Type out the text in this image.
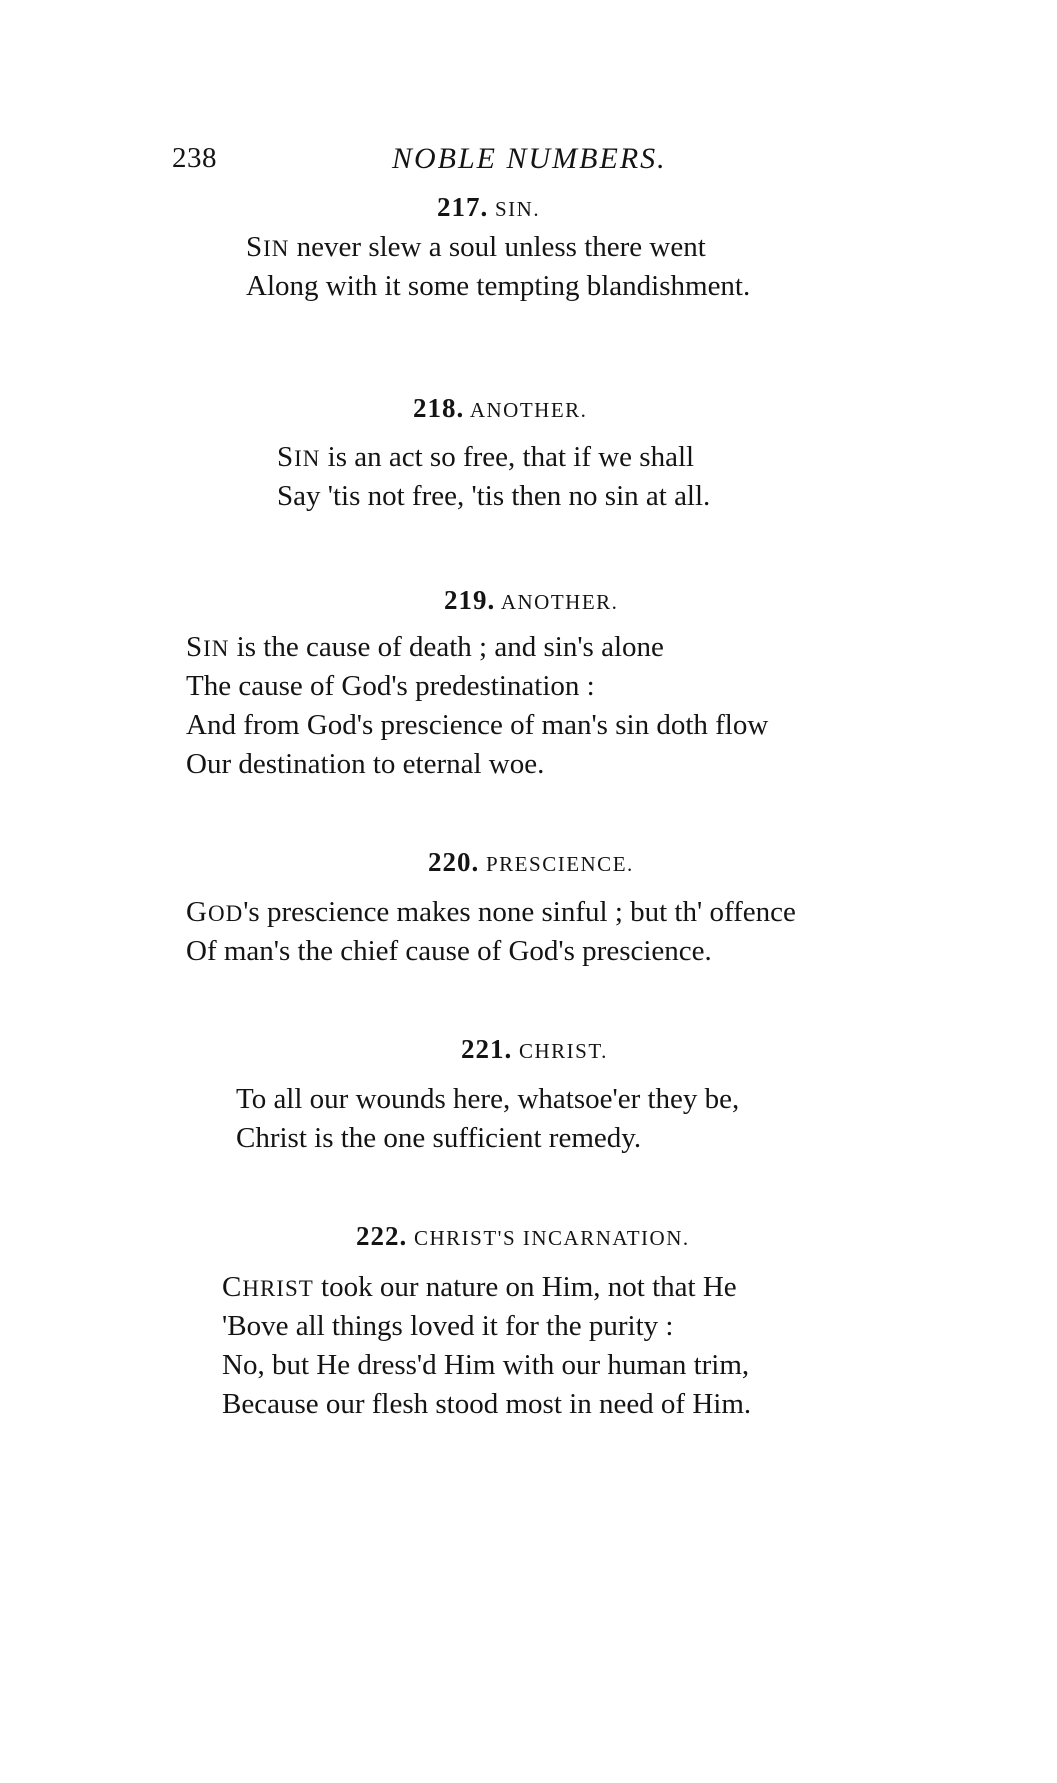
238	NOBLE NUMBERS.
217. SIN.
SIN never slew a soul unless there went
Along with it some tempting blandishment.
218. ANOTHER.
SIN is an act so free, that if we shall
Say 'tis not free, 'tis then no sin at all.
219. ANOTHER.
SIN is the cause of death ; and sin's alone
The cause of God's predestination :
And from God's prescience of man's sin doth flow
Our destination to eternal woe.
220. PRESCIENCE.
GOD's prescience makes none sinful ; but th' offence
Of man's the chief cause of God's prescience.
221. CHRIST.
To all our wounds here, whatsoe'er they be,
Christ is the one sufficient remedy.
222. CHRIST'S INCARNATION.
CHRIST took our nature on Him, not that He
'Bove all things loved it for the purity :
No, but He dress'd Him with our human trim,
Because our flesh stood most in need of Him.
